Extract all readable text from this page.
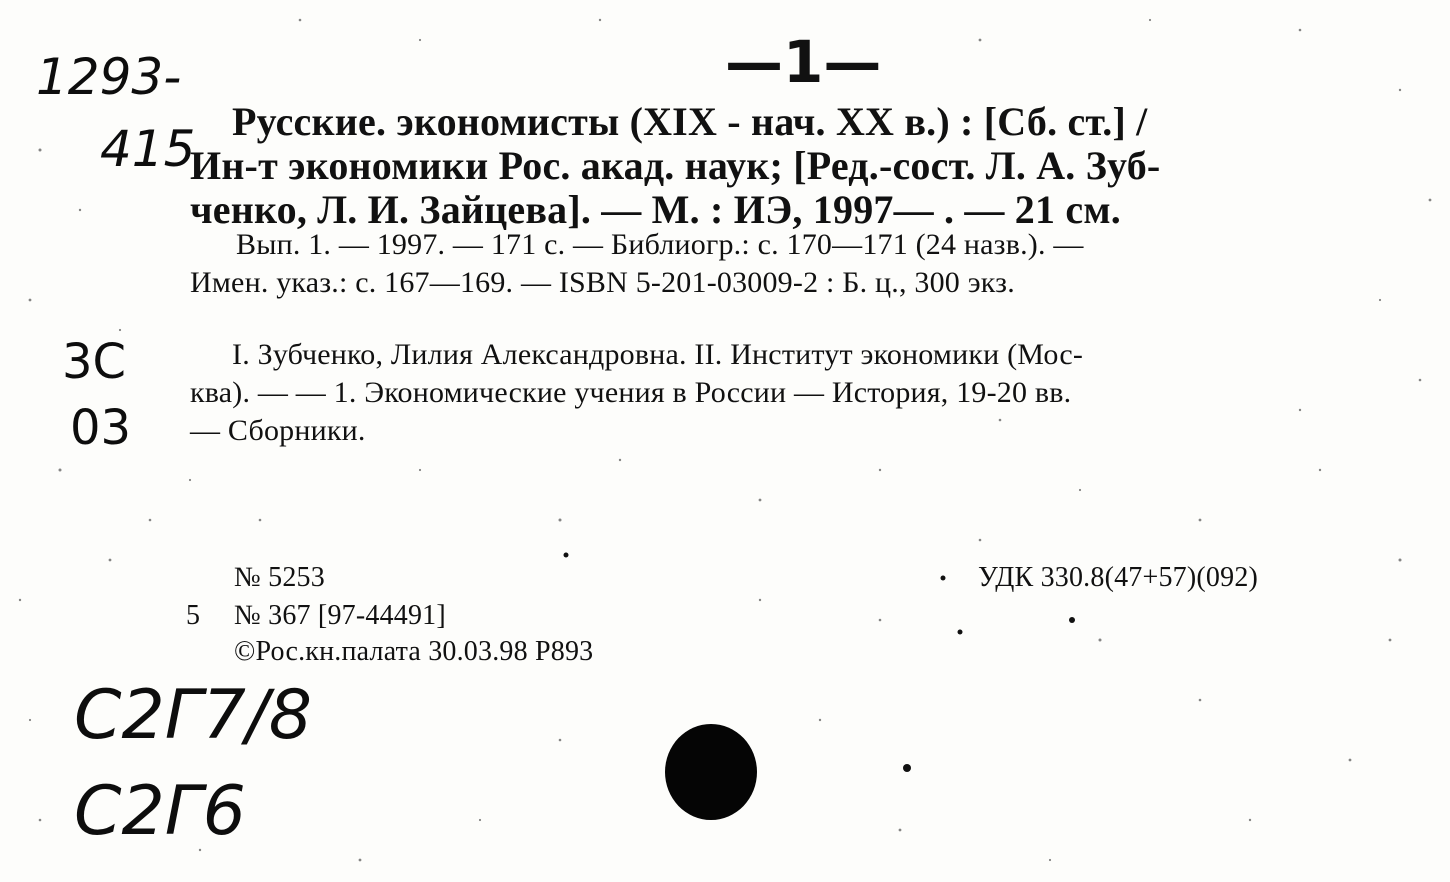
—1—
1293-
415 Русские. экономисты (XIX - нач. XX в.) : [Сб. ст.] /
Ин-т экономики Рос. акад. наук; [Ред.-сост. Л. А. Зуб-
ченко, Л. И. Зайцева]. — М. : ИЭ, 1997— . — 21 см.
Вып. 1. — 1997. — 171 с. — Библиогр.: с. 170—171 (24 назв.). —
Имен. указ.: с. 167—169. — ISBN 5-201-03009-2 : Б. ц., 300 экз.
3С
03
I. Зубченко, Лилия Александровна. II. Институт экономики (Мос-
ква). — — 1. Экономические учения в России — История, 19-20 вв.
— Сборники.
№ 5253	УДК 330.8(47+57)(092)
5 № 367 [97-44491]
©Рос.кн.палата 30.03.98 Р893
С2Г7/8
С2Г6
